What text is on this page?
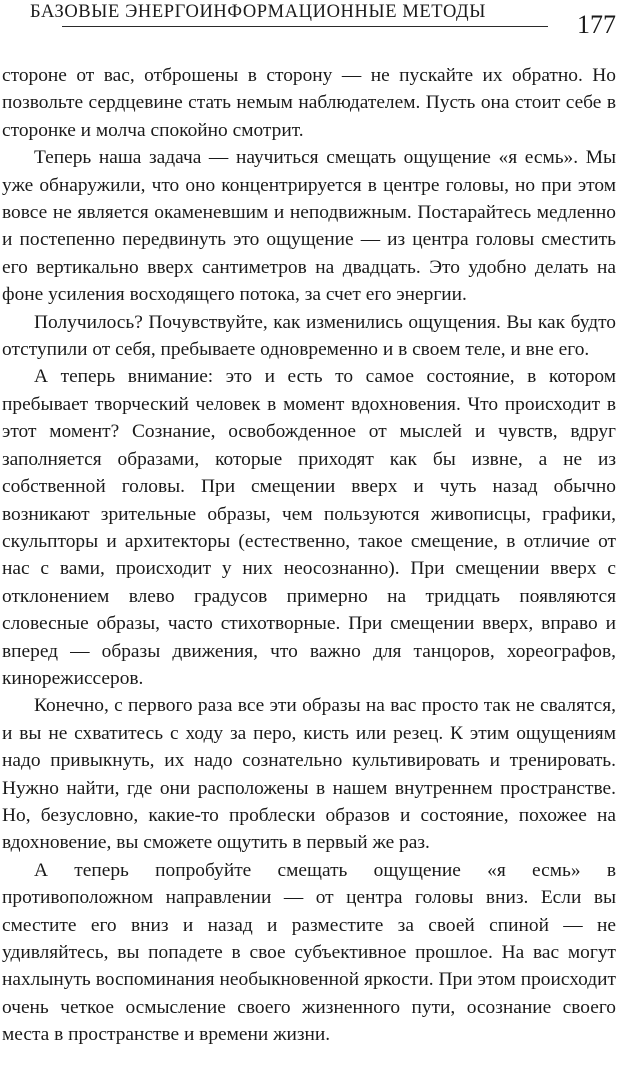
БАЗОВЫЕ ЭНЕРГОИНФОРМАЦИОННЫЕ МЕТОДЫ	177

стороне от вас, отброшены в сторону — не пускайте их обратно. Но позвольте сердцевине стать немым наблюдателем. Пусть она стоит себе в сторонке и молча спокойно смотрит.

Теперь наша задача — научиться смещать ощущение «я есмь». Мы уже обнаружили, что оно концентрируется в центре головы, но при этом вовсе не является окаменевшим и неподвижным. Постарайтесь медленно и постепенно передвинуть это ощущение — из центра головы сместить его вертикально вверх сантиметров на двадцать. Это удобно делать на фоне усиления восходящего потока, за счет его энергии.

Получилось? Почувствуйте, как изменились ощущения. Вы как будто отступили от себя, пребываете одновременно и в своем теле, и вне его.

А теперь внимание: это и есть то самое состояние, в котором пребывает творческий человек в момент вдохновения. Что происходит в этот момент? Сознание, освобожденное от мыслей и чувств, вдруг заполняется образами, которые приходят как бы извне, а не из собственной головы. При смещении вверх и чуть назад обычно возникают зрительные образы, чем пользуются живописцы, графики, скульпторы и архитекторы (естественно, такое смещение, в отличие от нас с вами, происходит у них неосознанно). При смещении вверх с отклонением влево градусов примерно на тридцать появляются словесные образы, часто стихотворные. При смещении вверх, вправо и вперед — образы движения, что важно для танцоров, хореографов, кинорежиссеров.

Конечно, с первого раза все эти образы на вас просто так не свалятся, и вы не схватитесь с ходу за перо, кисть или резец. К этим ощущениям надо привыкнуть, их надо сознательно культивировать и тренировать. Нужно найти, где они расположены в нашем внутреннем пространстве. Но, безусловно, какие-то проблески образов и состояние, похожее на вдохновение, вы сможете ощутить в первый же раз.

А теперь попробуйте смещать ощущение «я есмь» в противоположном направлении — от центра головы вниз. Если вы сместите его вниз и назад и разместите за своей спиной — не удивляйтесь, вы попадете в свое субъективное прошлое. На вас могут нахлынуть воспоминания необыкновенной яркости. При этом происходит очень четкое осмысление своего жизненного пути, осознание своего места в пространстве и времени жизни.
